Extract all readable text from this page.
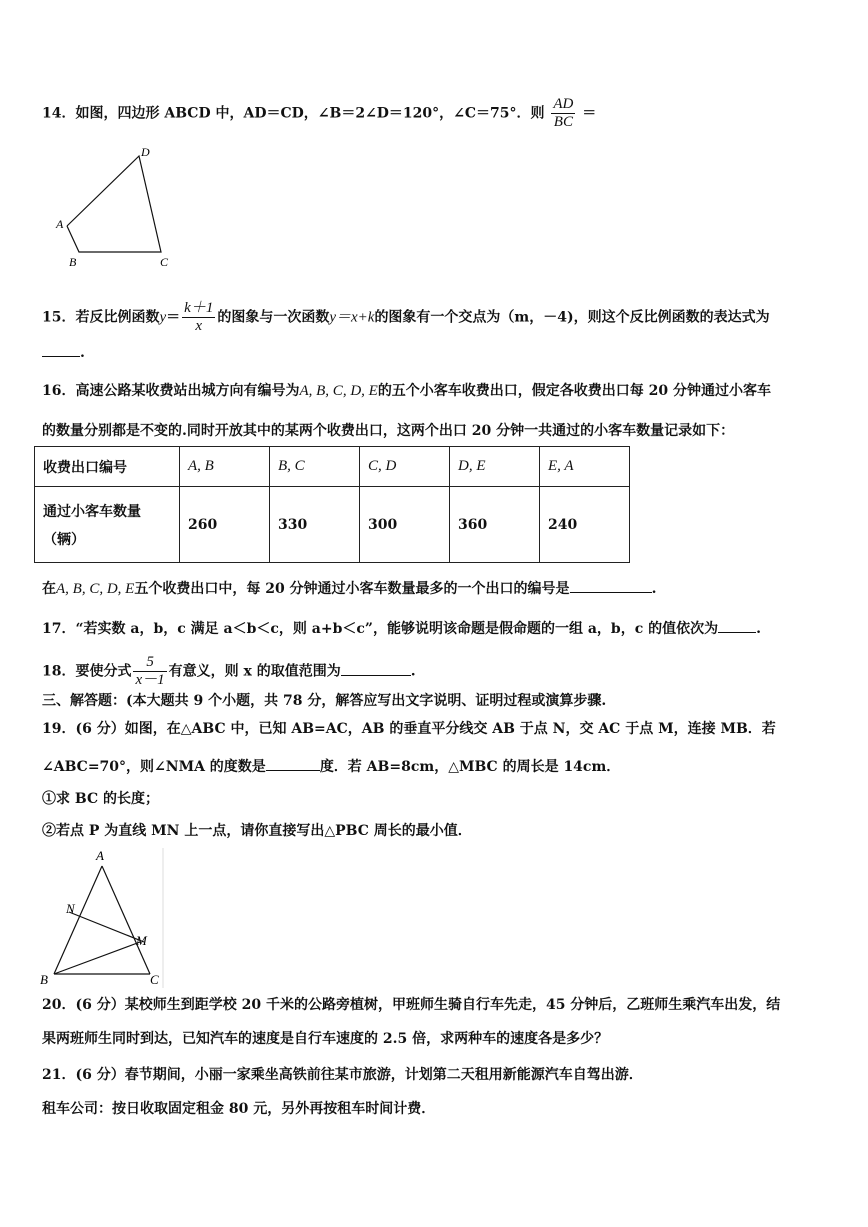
14．如图，四边形 ABCD 中，AD＝CD，∠B＝2∠D＝120°，∠C＝75°．则 $\frac{AD}{BC}$ ＝
D
A
B	C
15．若反比例函数$y= \frac{k+1}{x}$ 的图象与一次函数y＝x+k的图象有一个交点为（m，－4)，则这个反比例函数的表达式为
.
16．高速公路某收费站出城方向有编号为A, B, C, D, E的五个小客车收费出口，假定各收费出口每 20 分钟通过小客车
的数量分别都是不变的.同时开放其中的某两个收费出口，这两个出口 20 分钟一共通过的小客车数量记录如下：
收费出口编号	A, B	B, C	C, D	D, E	E, A

通过小客车数量
（辆）	260	330	300	360	240
在A, B, C, D, E五个收费出口中，每 20 分钟通过小客车数量最多的一个出口的编号是	.
17．“若实数 a，b，c 满足 a＜b＜c，则 a+b＜c”，能够说明该命题是假命题的一组 a，b，c 的值依次为	.
18．要使分式 $\frac{5}{x-1}$ 有意义，则 x 的取值范围为	.
三、解答题：(本大题共 9 个小题，共 78 分，解答应写出文字说明、证明过程或演算步骤.
19．(6 分）如图，在△ABC 中，已知 AB=AC，AB 的垂直平分线交 AB 于点 N，交 AC 于点 M，连接 MB．若
∠ABC=70°，则∠NMA 的度数是	度．若 AB=8cm，△MBC 的周长是 14cm．
①求 BC 的长度；
②若点 P 为直线 MN 上一点，请你直接写出△PBC 周长的最小值．
A
N
M
B	C
20．(6 分）某校师生到距学校 20 千米的公路旁植树，甲班师生骑自行车先走，45 分钟后，乙班师生乘汽车出发，结
果两班师生同时到达，已知汽车的速度是自行车速度的 2.5 倍，求两种车的速度各是多少？
21．(6 分）春节期间，小丽一家乘坐高铁前往某市旅游，计划第二天租用新能源汽车自驾出游．
租车公司：按日收取固定租金 80 元，另外再按租车时间计费．
